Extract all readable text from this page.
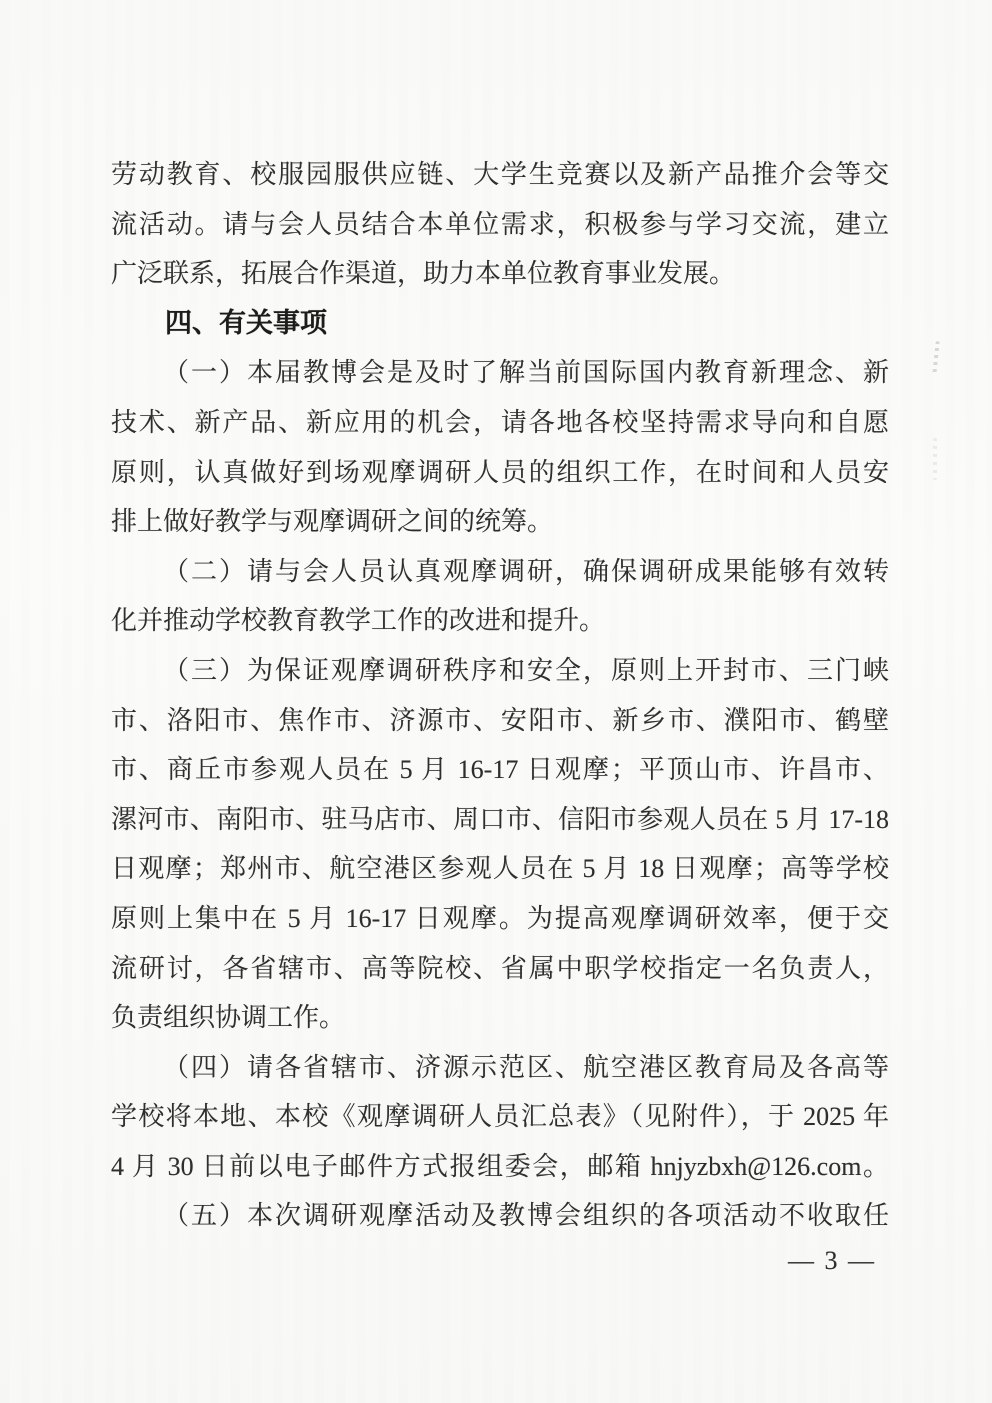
劳动教育、校服园服供应链、大学生竞赛以及新产品推介会等交
流活动。请与会人员结合本单位需求，积极参与学习交流，建立
广泛联系，拓展合作渠道，助力本单位教育事业发展。
四、有关事项
（一）本届教博会是及时了解当前国际国内教育新理念、新
技术、新产品、新应用的机会，请各地各校坚持需求导向和自愿
原则，认真做好到场观摩调研人员的组织工作，在时间和人员安
排上做好教学与观摩调研之间的统筹。
（二）请与会人员认真观摩调研，确保调研成果能够有效转
化并推动学校教育教学工作的改进和提升。
（三）为保证观摩调研秩序和安全，原则上开封市、三门峡
市、洛阳市、焦作市、济源市、安阳市、新乡市、濮阳市、鹤壁
市、商丘市参观人员在 5 月 16-17 日观摩；平顶山市、许昌市、
漯河市、南阳市、驻马店市、周口市、信阳市参观人员在 5 月 17-18
日观摩；郑州市、航空港区参观人员在 5 月 18 日观摩；高等学校
原则上集中在 5 月 16-17 日观摩。为提高观摩调研效率，便于交
流研讨，各省辖市、高等院校、省属中职学校指定一名负责人，
负责组织协调工作。
（四）请各省辖市、济源示范区、航空港区教育局及各高等
学校将本地、本校《观摩调研人员汇总表》（见附件），于 2025 年
4 月 30 日前以电子邮件方式报组委会，邮箱 hnjyzbxh@126.com。
（五）本次调研观摩活动及教博会组织的各项活动不收取任
— 3 —
